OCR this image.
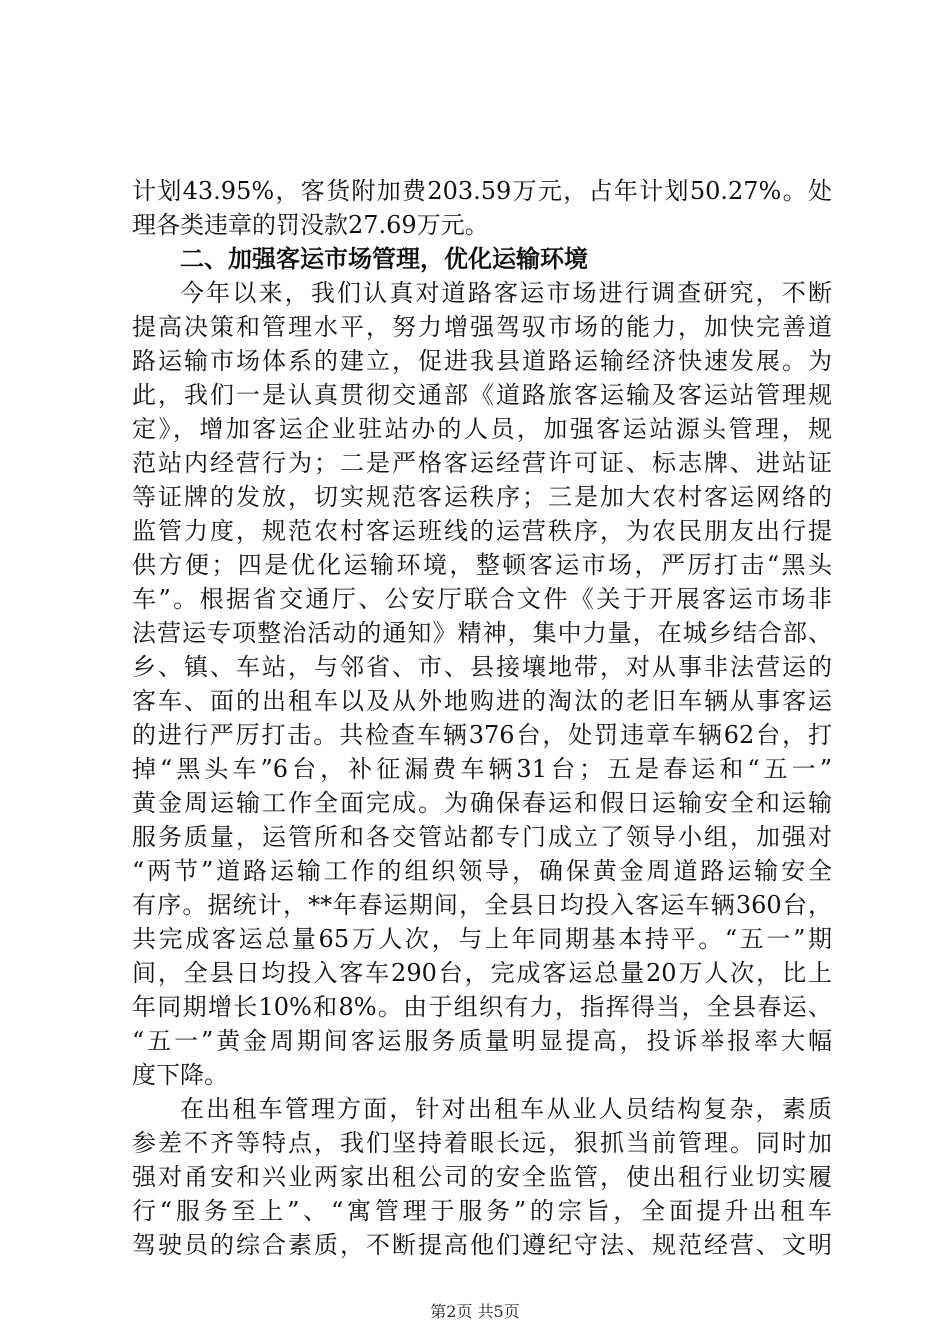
计划43.95%，客货附加费203.59万元，占年计划50.27%。处
理各类违章的罚没款27.69万元。
二、加强客运市场管理，优化运输环境
今年以来，我们认真对道路客运市场进行调查研究，不断
提高决策和管理水平，努力增强驾驭市场的能力，加快完善道
路运输市场体系的建立，促进我县道路运输经济快速发展。为
此，我们一是认真贯彻交通部《道路旅客运输及客运站管理规
定》，增加客运企业驻站办的人员，加强客运站源头管理，规
范站内经营行为；二是严格客运经营许可证、标志牌、进站证
等证牌的发放，切实规范客运秩序；三是加大农村客运网络的
监管力度，规范农村客运班线的运营秩序，为农民朋友出行提
供方便；四是优化运输环境，整顿客运市场，严厉打击“黑头
车”。根据省交通厅、公安厅联合文件《关于开展客运市场非
法营运专项整治活动的通知》精神，集中力量，在城乡结合部、
乡、镇、车站，与邻省、市、县接壤地带，对从事非法营运的
客车、面的出租车以及从外地购进的淘汰的老旧车辆从事客运
的进行严厉打击。共检查车辆376台，处罚违章车辆62台，打
掉“黑头车”6台，补征漏费车辆31台；五是春运和“五一”
黄金周运输工作全面完成。为确保春运和假日运输安全和运输
服务质量，运管所和各交管站都专门成立了领导小组，加强对
“两节”道路运输工作的组织领导，确保黄金周道路运输安全
有序。据统计，**年春运期间，全县日均投入客运车辆360台，
共完成客运总量65万人次，与上年同期基本持平。“五一”期
间，全县日均投入客车290台，完成客运总量20万人次，比上
年同期增长10%和8%。由于组织有力，指挥得当，全县春运、
“五一”黄金周期间客运服务质量明显提高，投诉举报率大幅
度下降。
在出租车管理方面，针对出租车从业人员结构复杂，素质
参差不齐等特点，我们坚持着眼长远，狠抓当前管理。同时加
强对甬安和兴业两家出租公司的安全监管，使出租行业切实履
行“服务至上”、“寓管理于服务”的宗旨，全面提升出租车
驾驶员的综合素质，不断提高他们遵纪守法、规范经营、文明
第2页 共5页
